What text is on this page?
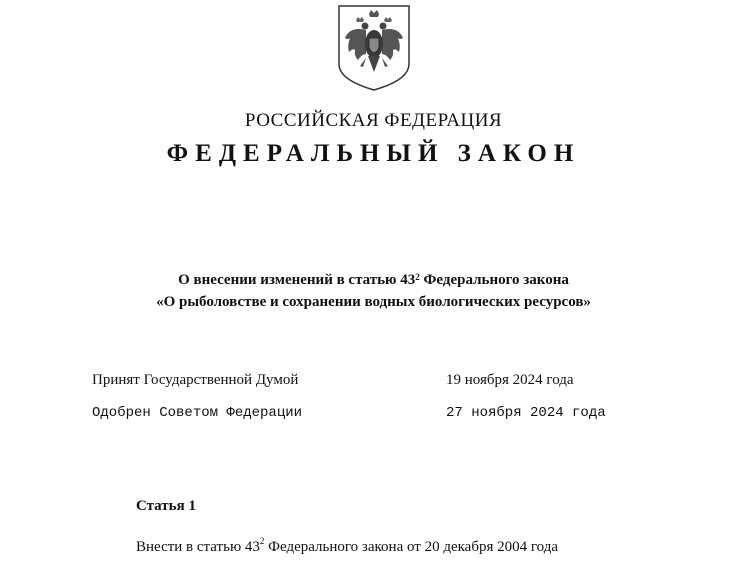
РОССИЙСКАЯ ФЕДЕРАЦИЯ
ФЕДЕРАЛЬНЫЙ ЗАКОН
О внесении изменений в статью $43^2$ Федерального закона
«О рыболовстве и сохранении водных биологических ресурсов»
Принят Государственной Думой	19 ноября 2024 года
Одобрен Советом Федерации	27 ноября 2024 года
Статья 1
Внести в статью $43^2$ Федерального закона от 20 декабря 2004 года
